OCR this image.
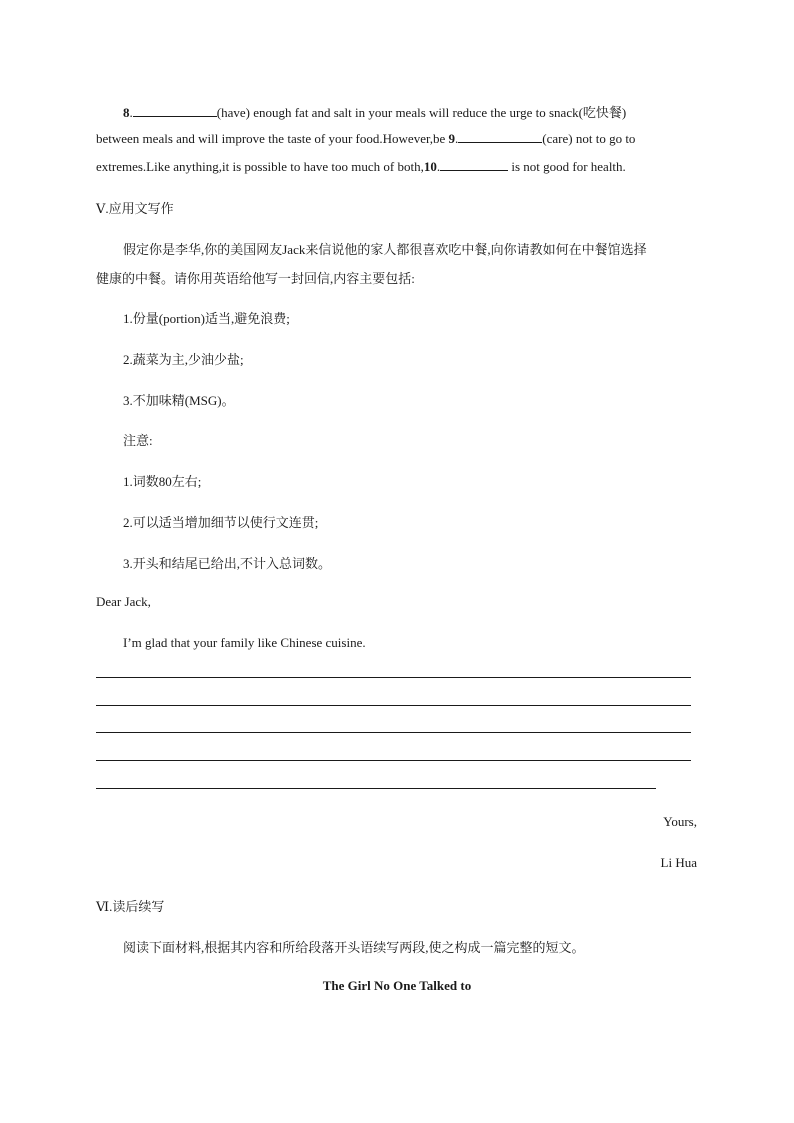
8.	(have) enough fat and salt in your meals will reduce the urge to snack(吃快餐)
between meals and will improve the taste of your food.However,be 9.	(care) not to go to
extremes.Like anything,it is possible to have too much of both,10.	is not good for health.
Ⅴ.应用文写作
假定你是李华,你的美国网友Jack来信说他的家人都很喜欢吃中餐,向你请教如何在中餐馆选择
健康的中餐。请你用英语给他写一封回信,内容主要包括:
1.份量(portion)适当,避免浪费;
2.蔬菜为主,少油少盐;
3.不加味精(MSG)。
注意:
1.词数80左右;
2.可以适当增加细节以使行文连贯;
3.开头和结尾已给出,不计入总词数。
Dear Jack,
I’m glad that your family like Chinese cuisine.
Yours,
Li Hua
Ⅵ.读后续写
阅读下面材料,根据其内容和所给段落开头语续写两段,使之构成一篇完整的短文。
The Girl No One Talked to
